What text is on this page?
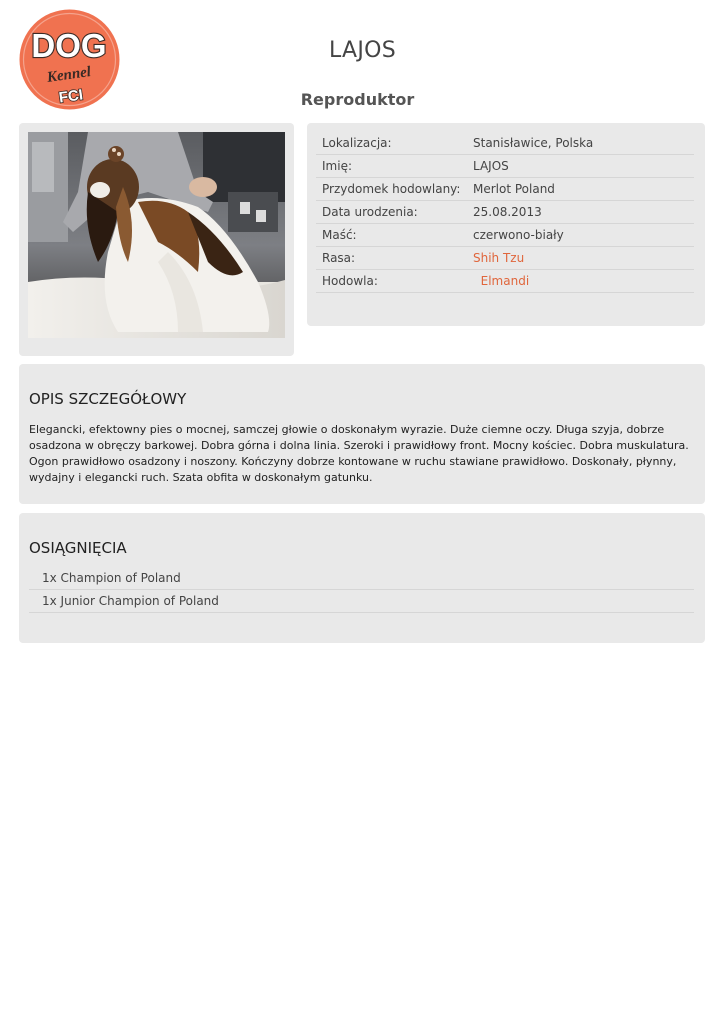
DOG
Kennel
FCI
LAJOS
Reproduktor
Lokalizacja:	Stanisławice, Polska
Imię:	LAJOS
Przydomek hodowlany:	Merlot Poland
Data urodzenia:	25.08.2013
Maść:	czerwono-biały
Rasa:	Shih Tzu
Hodowla:	Elmandi
OPIS SZCZEGÓŁOWY

Elegancki, efektowny pies o mocnej, samczej głowie o doskonałym wyrazie. Duże ciemne oczy. Długa szyja, dobrze osadzona w obręczy barkowej. Dobra górna i dolna linia. Szeroki i prawidłowy front. Mocny kościec. Dobra muskulatura. Ogon prawidłowo osadzony i noszony. Kończyny dobrze kontowane w ruchu stawiane prawidłowo. Doskonały, płynny, wydajny i elegancki ruch. Szata obfita w doskonałym gatunku.

OSIĄGNIĘCIA
1x Champion of Poland
1x Junior Champion of Poland
